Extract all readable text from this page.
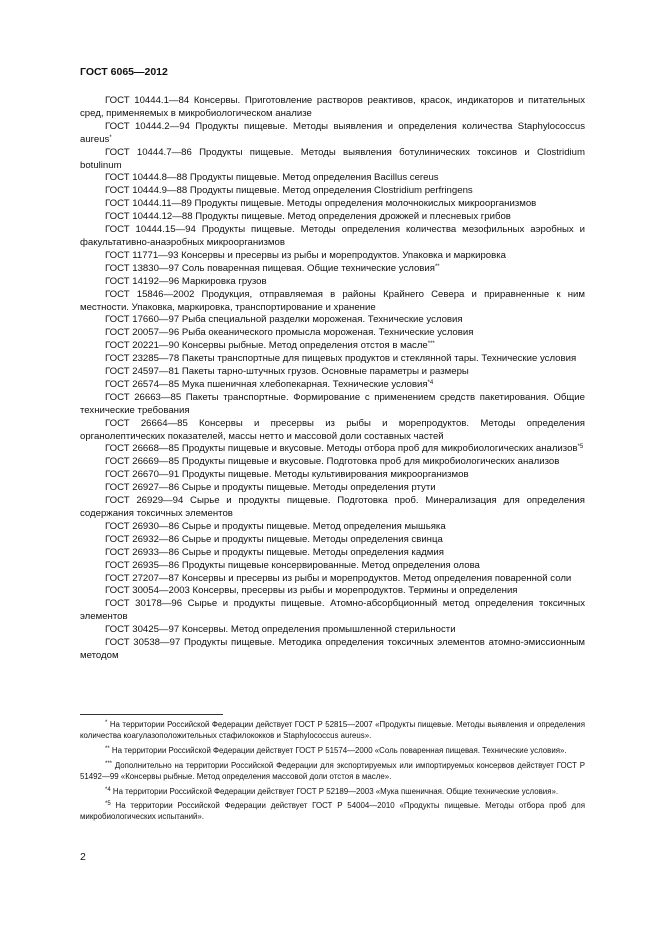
ГОСТ 6065—2012
ГОСТ 10444.1—84 Консервы. Приготовление растворов реактивов, красок, индикаторов и питательных сред, применяемых в микробиологическом анализе
ГОСТ 10444.2—94 Продукты пищевые. Методы выявления и определения количества Staphylococcus aureus*
ГОСТ 10444.7—86 Продукты пищевые. Методы выявления ботулинических токсинов и Clostridium botulinum
ГОСТ 10444.8—88 Продукты пищевые. Метод определения Bacillus cereus
ГОСТ 10444.9—88 Продукты пищевые. Метод определения Clostridium perfringens
ГОСТ 10444.11—89 Продукты пищевые. Методы определения молочнокислых микроорганизмов
ГОСТ 10444.12—88 Продукты пищевые. Метод определения дрожжей и плесневых грибов
ГОСТ 10444.15—94 Продукты пищевые. Методы определения количества мезофильных аэробных и факультативно-анаэробных микроорганизмов
ГОСТ 11771—93 Консервы и пресервы из рыбы и морепродуктов. Упаковка и маркировка
ГОСТ 13830—97 Соль поваренная пищевая. Общие технические условия**
ГОСТ 14192—96 Маркировка грузов
ГОСТ 15846—2002 Продукция, отправляемая в районы Крайнего Севера и приравненные к ним местности. Упаковка, маркировка, транспортирование и хранение
ГОСТ 17660—97 Рыба специальной разделки мороженая. Технические условия
ГОСТ 20057—96 Рыба океанического промысла мороженая. Технические условия
ГОСТ 20221—90 Консервы рыбные. Метод определения отстоя в масле***
ГОСТ 23285—78 Пакеты транспортные для пищевых продуктов и стеклянной тары. Технические условия
ГОСТ 24597—81 Пакеты тарно-штучных грузов. Основные параметры и размеры
ГОСТ 26574—85 Мука пшеничная хлебопекарная. Технические условия$^{*4}$
ГОСТ 26663—85 Пакеты транспортные. Формирование с применением средств пакетирования. Общие технические требования
ГОСТ 26664—85 Консервы и пресервы из рыбы и морепродуктов. Методы определения органолептических показателей, массы нетто и массовой доли составных частей
ГОСТ 26668—85 Продукты пищевые и вкусовые. Методы отбора проб для микробиологических анализов$^{*5}$
ГОСТ 26669—85 Продукты пищевые и вкусовые. Подготовка проб для микробиологических анализов
ГОСТ 26670—91 Продукты пищевые. Методы культивирования микроорганизмов
ГОСТ 26927—86 Сырье и продукты пищевые. Методы определения ртути
ГОСТ 26929—94 Сырье и продукты пищевые. Подготовка проб. Минерализация для определения содержания токсичных элементов
ГОСТ 26930—86 Сырье и продукты пищевые. Метод определения мышьяка
ГОСТ 26932—86 Сырье и продукты пищевые. Методы определения свинца
ГОСТ 26933—86 Сырье и продукты пищевые. Методы определения кадмия
ГОСТ 26935—86 Продукты пищевые консервированные. Метод определения олова
ГОСТ 27207—87 Консервы и пресервы из рыбы и морепродуктов. Метод определения поваренной соли
ГОСТ 30054—2003 Консервы, пресервы из рыбы и морепродуктов. Термины и определения
ГОСТ 30178—96 Сырье и продукты пищевые. Атомно-абсорбционный метод определения токсичных элементов
ГОСТ 30425—97 Консервы. Метод определения промышленной стерильности
ГОСТ 30538—97 Продукты пищевые. Методика определения токсичных элементов атомно-эмиссионным методом
* На территории Российской Федерации действует ГОСТ Р 52815—2007 «Продукты пищевые. Методы выявления и определения количества коагулазоположительных стафилококков и Staphylococcus aureus».
** На территории Российской Федерации действует ГОСТ Р 51574—2000 «Соль поваренная пищевая. Технические условия».
*** Дополнительно на территории Российской Федерации для экспортируемых или импортируемых консервов действует ГОСТ Р 51492—99 «Консервы рыбные. Метод определения массовой доли отстоя в масле».
$^{*4}$ На территории Российской Федерации действует ГОСТ Р 52189—2003 «Мука пшеничная. Общие технические условия».
$^{*5}$ На территории Российской Федерации действует ГОСТ Р 54004—2010 «Продукты пищевые. Методы отбора проб для микробиологических испытаний».
2
